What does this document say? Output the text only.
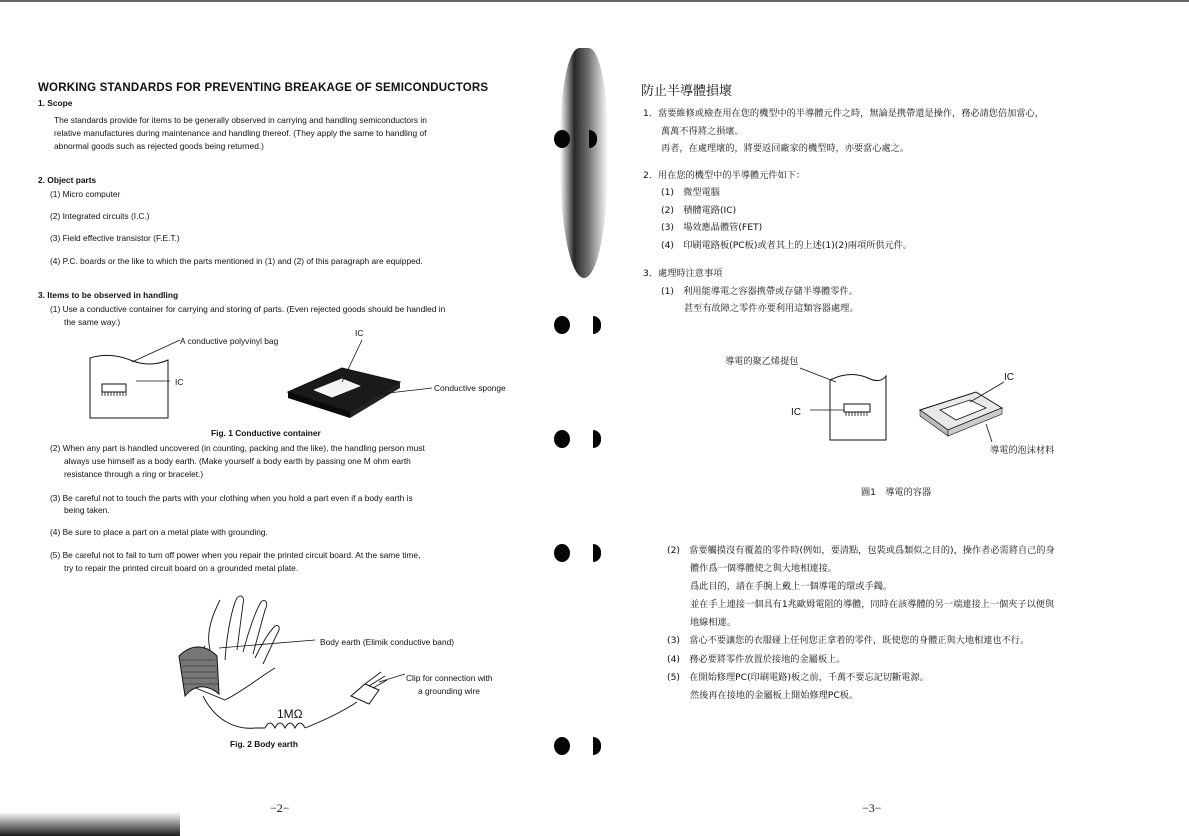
WORKING STANDARDS FOR PREVENTING BREAKAGE OF SEMICONDUCTORS
1. Scope
The standards provide for items to be generally observed in carrying and handling semiconductors in
relative manufactures during maintenance and handling thereof. (They apply the same to handling of
abnormal goods such as rejected goods being returned.)
2. Object parts
(1) Micro computer
(2) Integrated circuits (I.C.)
(3) Field effective transistor (F.E.T.)
(4) P.C. boards or the like to which the parts mentioned in (1) and (2) of this paragraph are equipped.
3. Items to be observed in handling
(1) Use a conductive container for carrying and storing of parts. (Even rejected goods should be handled in
the same way.)
A conductive polyvinyl bag
IC
IC
Conductive sponge
Fig. 1 Conductive container
(2) When any part is handled uncovered (in counting, packing and the like), the handling person must
always use himself as a body earth. (Make yourself a body earth by passing one M ohm earth
resistance through a ring or bracelet.)
(3) Be careful not to touch the parts with your clothing when you hold a part even if a body earth is
being taken.
(4) Be sure to place a part on a metal plate with grounding.
(5) Be careful not to fail to turn off power when you repair the printed circuit board. At the same time,
try to repair the printed circuit board on a grounded metal plate.
Body earth (Elimik conductive band)
Clip for connection with
a grounding wire
1MΩ
Fig. 2 Body earth
−2−
防止半導體損壞
1．當要維修或檢查用在您的機型中的半導體元件之時，無論是携帶還是操作，務必請您倍加當心，
萬萬不得將之損壞。
再者，在處理壞的，將要返回廠家的機型時，亦要當心處之。
2．用在您的機型中的半導體元件如下：
(1)　微型電腦
(2)　積體電路(IC)
(3)　場效應晶體管(FET)
(4)　印刷電路板(PC板)或者其上的上述(1)(2)兩項所供元件。
3．處理時注意事項
(1)　利用能導電之容器携帶或存儲半導體零件。
甚至有故障之零件亦要利用這類容器處理。
導電的聚乙烯提包
IC
IC
導電的泡沫材料
圖1　導電的容器
(2)　當要觸摸沒有覆蓋的零件時(例如，要清點，包裝或爲類似之目的)，操作者必需將自己的身
體作爲一個導體使之與大地相連接。
爲此目的，請在手腕上戴上一個導電的環或手鐲。
並在手上連接一個具有1兆歐姆電阻的導體，同時在該導體的另一端連接上一個夾子以便與
地線相連。
(3)　當心不要讓您的衣服碰上任何您正拿着的零件，既使您的身體正與大地相連也不行。
(4)　務必要將零件放置於接地的金屬板上。
(5)　在開始修理PC(印刷電路)板之前，千萬不要忘記切斷電源。
然後再在接地的金屬板上開始修理PC板。
−3−
